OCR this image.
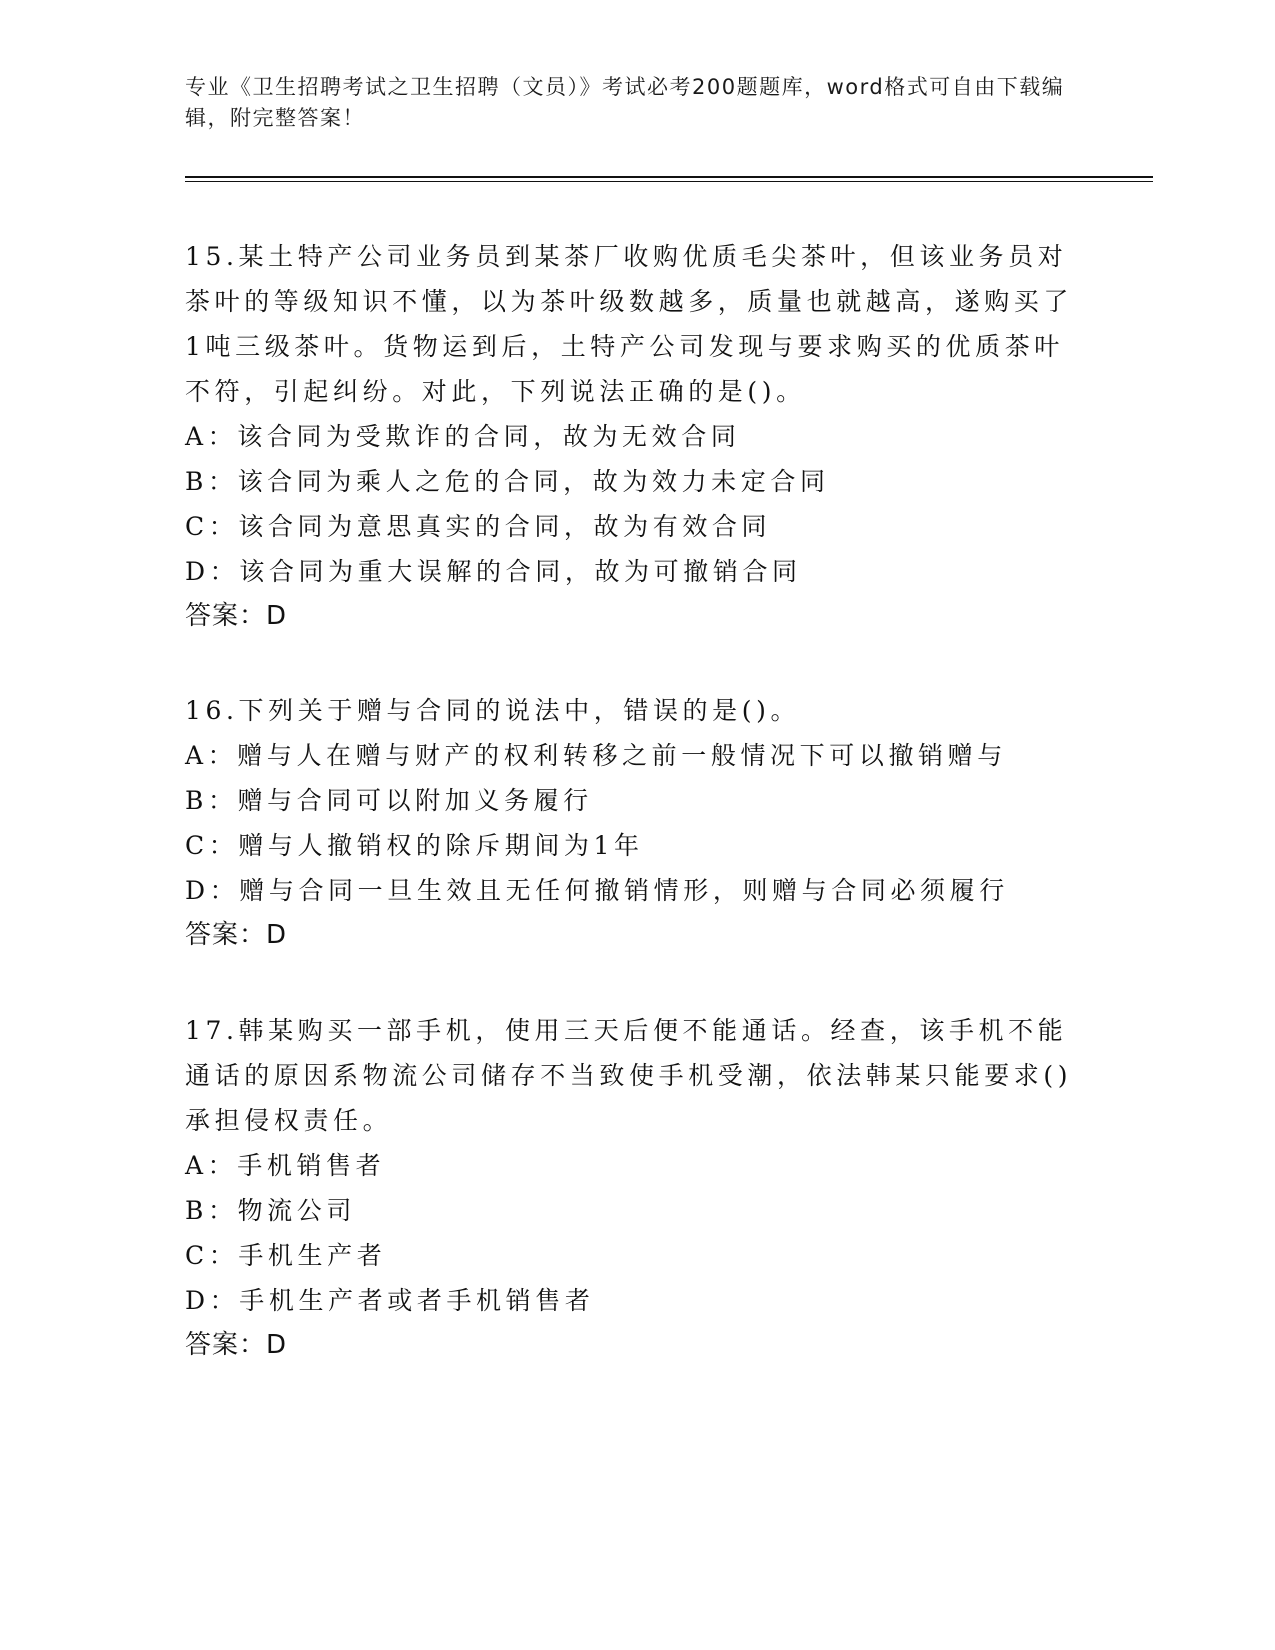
专业《卫生招聘考试之卫生招聘（文员）》考试必考200题题库，word格式可自由下载编辑，附完整答案！

15.某土特产公司业务员到某茶厂收购优质毛尖茶叶，但该业务员对茶叶的等级知识不懂，以为茶叶级数越多，质量也就越高，遂购买了1吨三级茶叶。货物运到后，土特产公司发现与要求购买的优质茶叶不符，引起纠纷。对此，下列说法正确的是()。

A：该合同为受欺诈的合同，故为无效合同

B：该合同为乘人之危的合同，故为效力未定合同

C：该合同为意思真实的合同，故为有效合同

D：该合同为重大误解的合同，故为可撤销合同

答案：D

16.下列关于赠与合同的说法中，错误的是()。

A：赠与人在赠与财产的权利转移之前一般情况下可以撤销赠与

B：赠与合同可以附加义务履行

C：赠与人撤销权的除斥期间为1年

D：赠与合同一旦生效且无任何撤销情形，则赠与合同必须履行

答案：D

17.韩某购买一部手机，使用三天后便不能通话。经查，该手机不能通话的原因系物流公司储存不当致使手机受潮，依法韩某只能要求()承担侵权责任。

A：手机销售者

B：物流公司

C：手机生产者

D：手机生产者或者手机销售者

答案：D
